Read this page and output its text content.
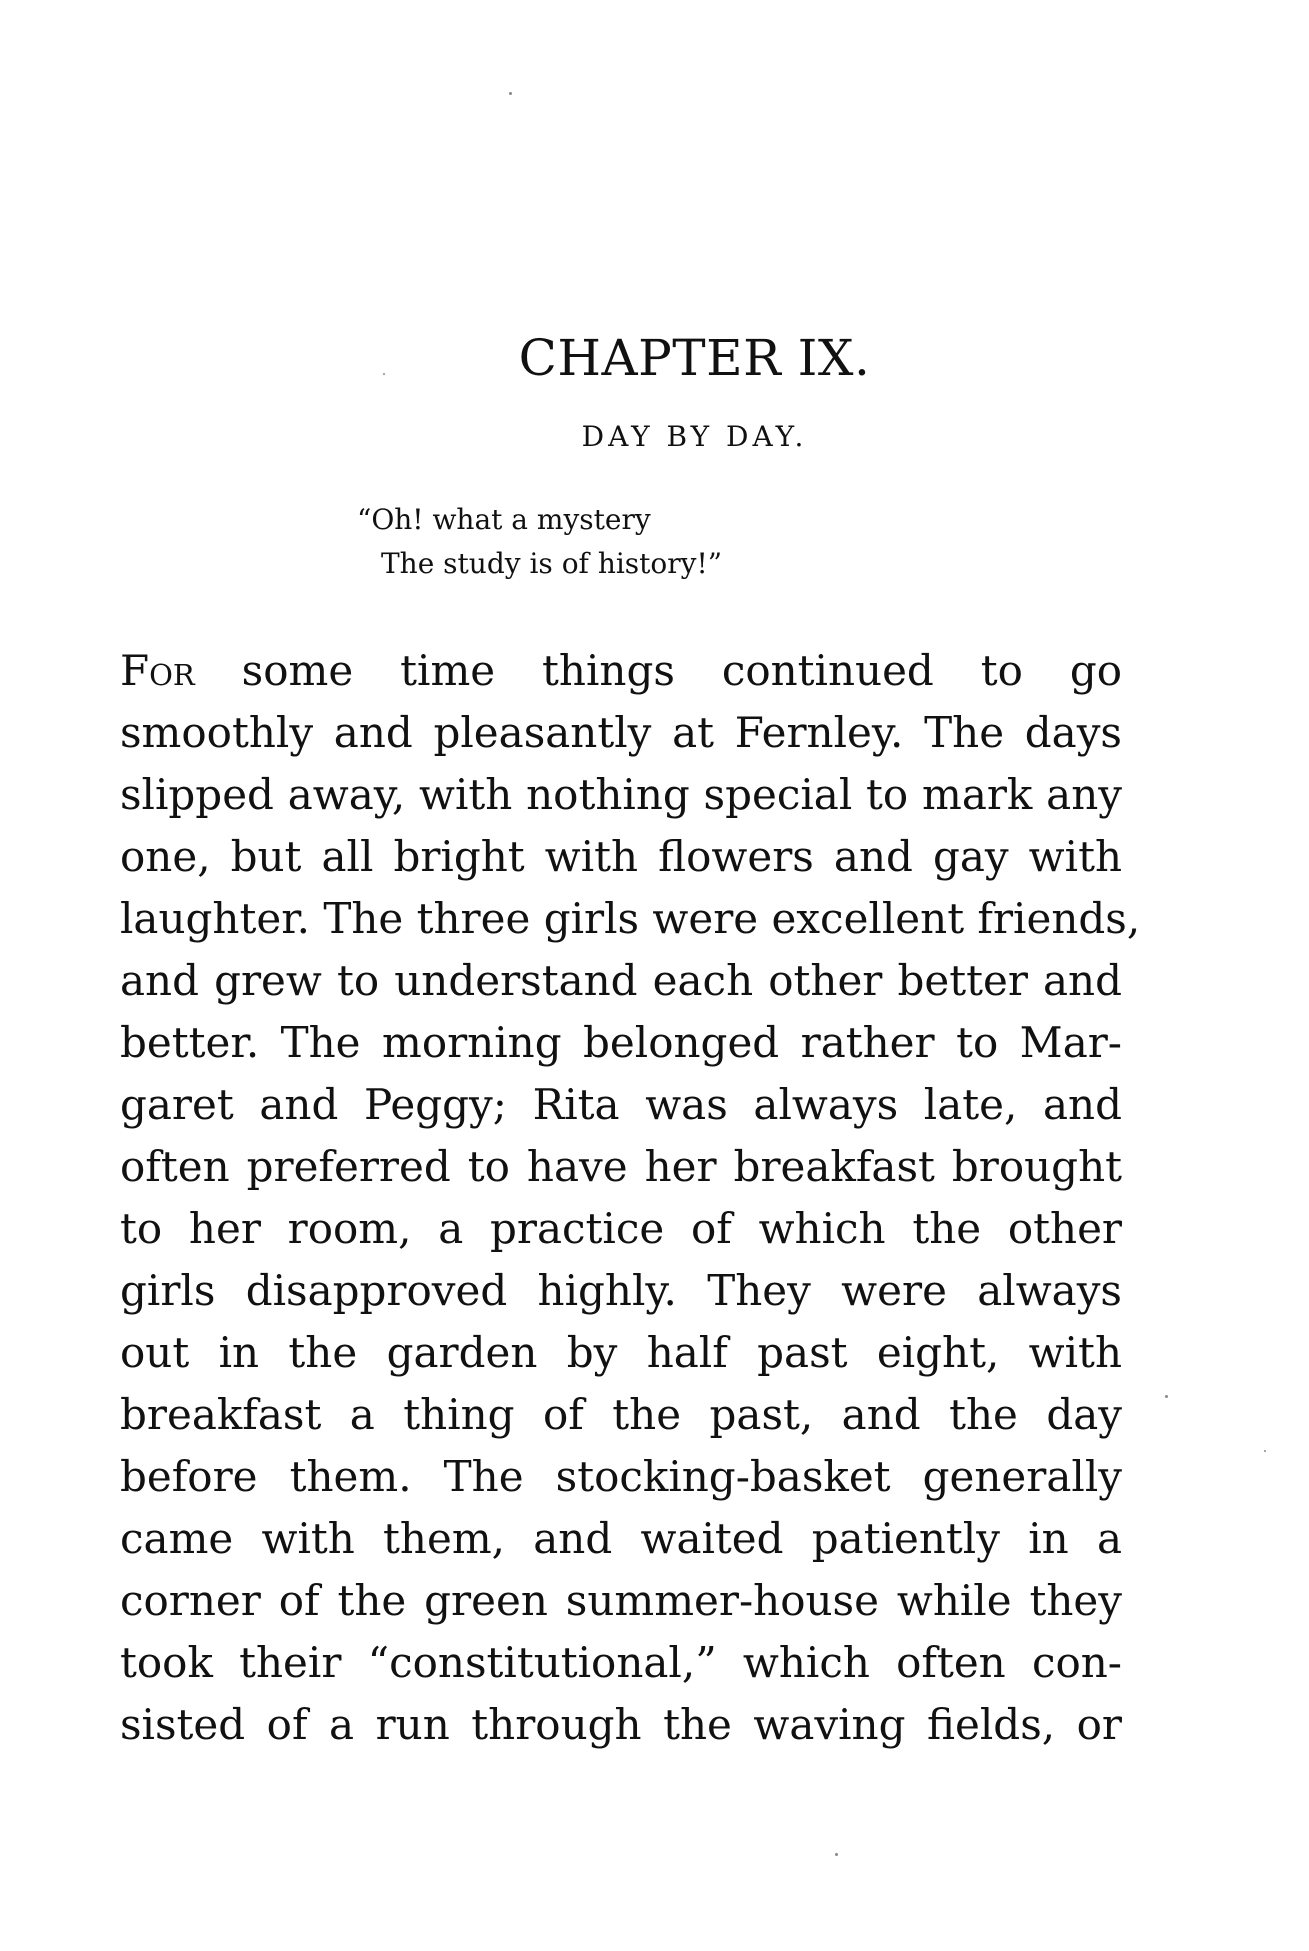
CHAPTER IX.
DAY BY DAY.
“Oh! what a mystery
The study is of history!”
For some time things continued to go
smoothly and pleasantly at Fernley. The days
slipped away, with nothing special to mark any
one, but all bright with flowers and gay with
laughter. The three girls were excellent friends,
and grew to understand each other better and
better. The morning belonged rather to Mar-
garet and Peggy; Rita was always late, and
often preferred to have her breakfast brought
to her room, a practice of which the other
girls disapproved highly. They were always
out in the garden by half past eight, with
breakfast a thing of the past, and the day
before them. The stocking-basket generally
came with them, and waited patiently in a
corner of the green summer-house while they
took their “constitutional,” which often con-
sisted of a run through the waving fields, or
